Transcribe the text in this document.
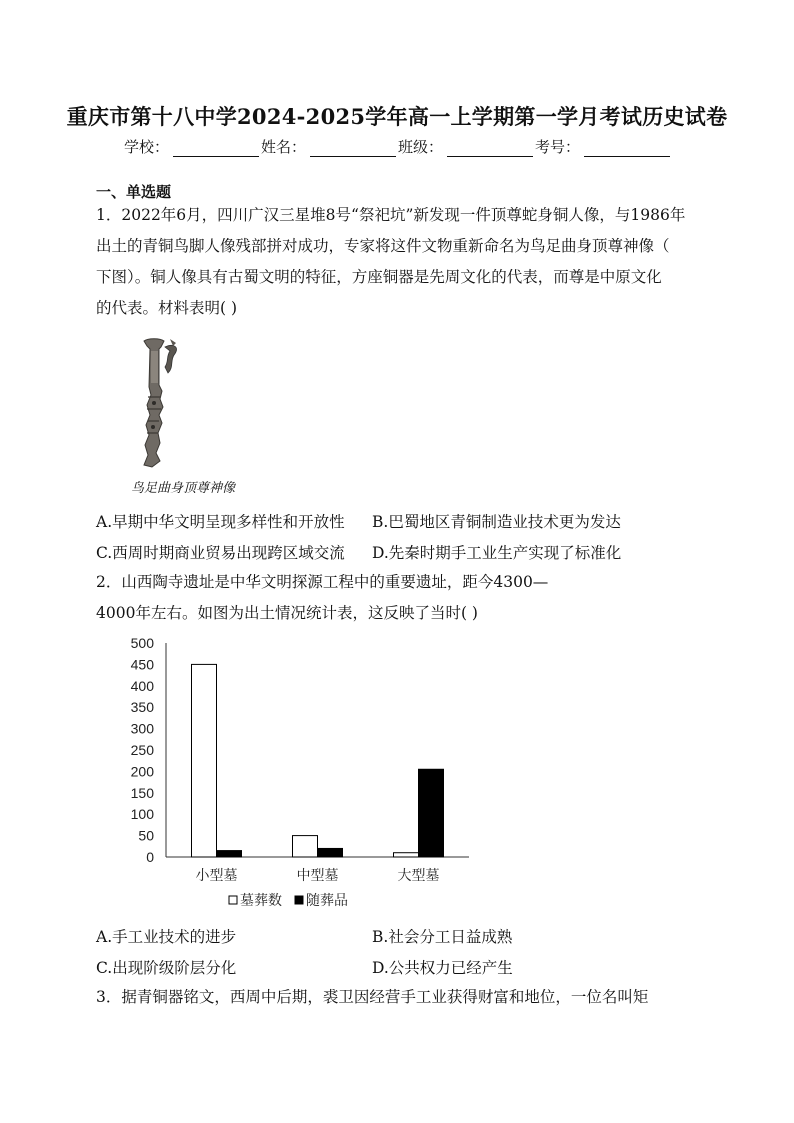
重庆市第十八中学2024-2025学年高一上学期第一学月考试历史试卷
学校：	姓名：	班级：	考号：
一、单选题
1．2022年6月，四川广汉三星堆8号“祭祀坑”新发现一件顶尊蛇身铜人像，与1986年
出土的青铜鸟脚人像残部拼对成功，专家将这件文物重新命名为鸟足曲身顶尊神像（
下图）。铜人像具有古蜀文明的特征，方座铜器是先周文化的代表，而尊是中原文化
的代表。材料表明( )
鸟足曲身顶尊神像
A.早期中华文明呈现多样性和开放性 B.巴蜀地区青铜制造业技术更为发达
C.西周时期商业贸易出现跨区域交流 D.先秦时期手工业生产实现了标准化
2．山西陶寺遗址是中华文明探源工程中的重要遗址，距今4300—
4000年左右。如图为出土情况统计表，这反映了当时( )
0
50
100
150
200
250
300
350
400
450
500
小型墓	中型墓	大型墓
墓葬数 随葬品
A.手工业技术的进步	B.社会分工日益成熟
C.出现阶级阶层分化	D.公共权力已经产生
3．据青铜器铭文，西周中后期，裘卫因经营手工业获得财富和地位，一位名叫矩
